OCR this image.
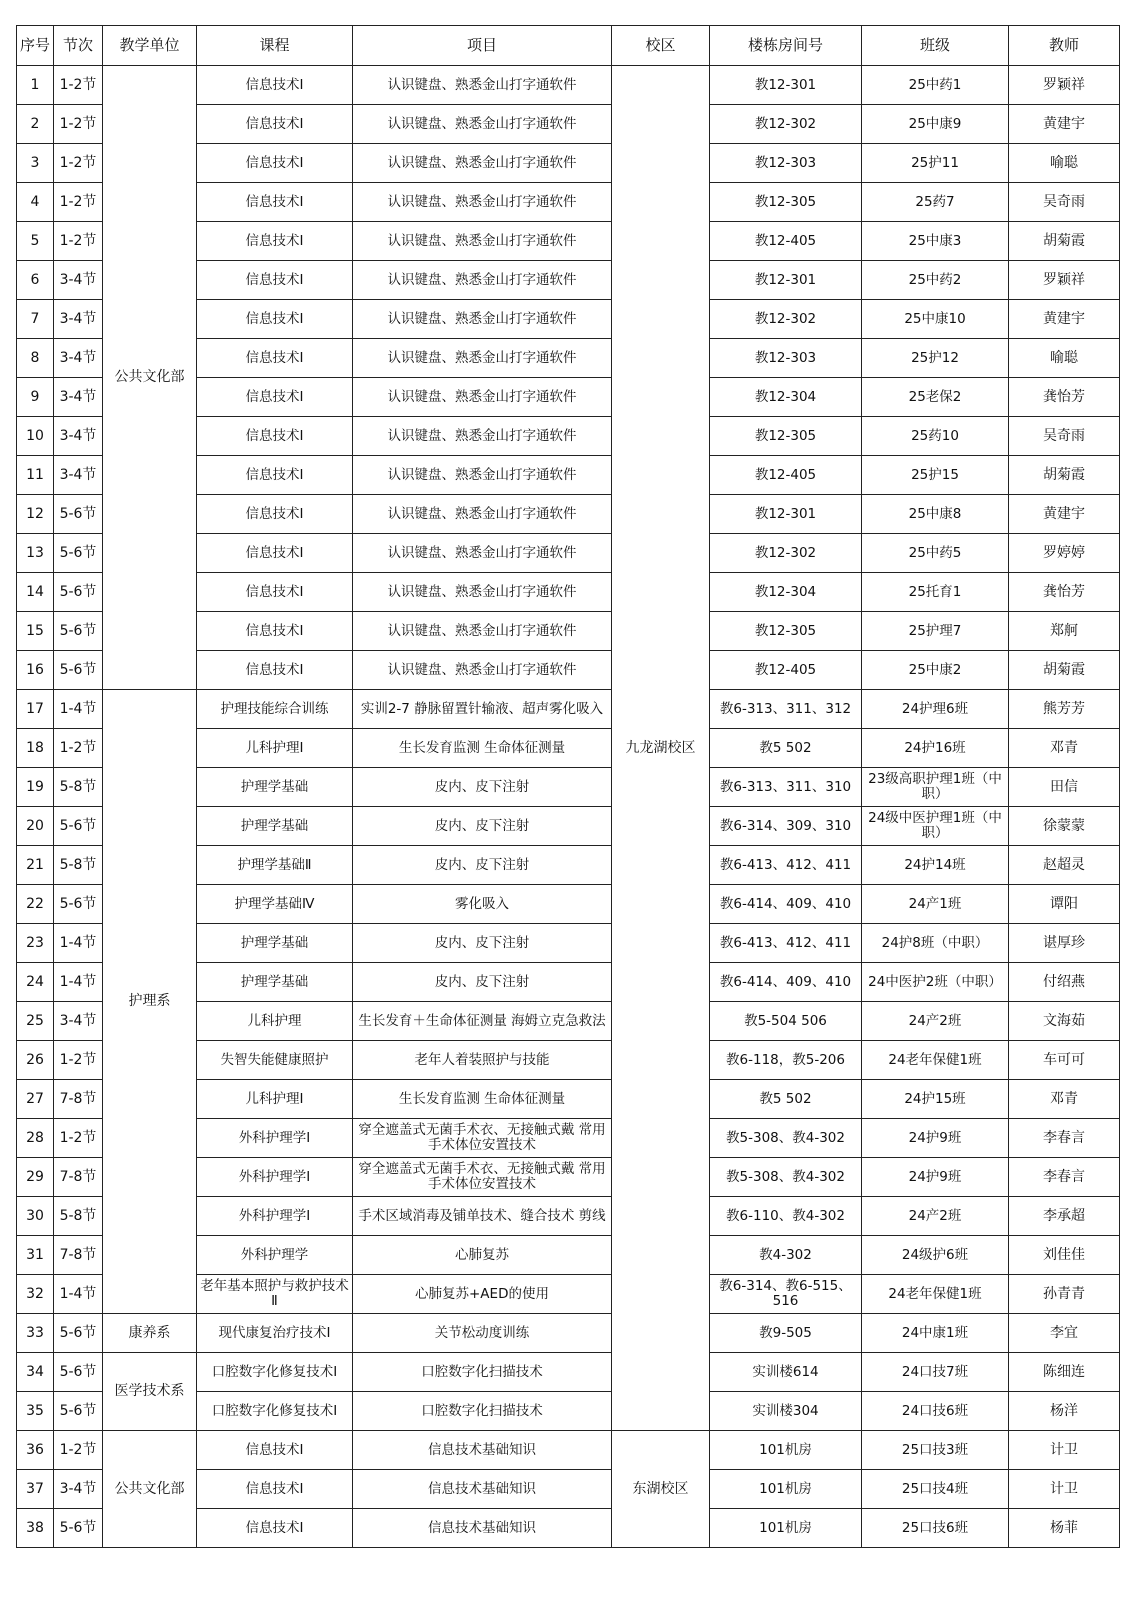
序号	节次	教学单位	课程	项目	校区	楼栋房间号	班级	教师
1	1-2节	公共文化部	信息技术Ⅰ	认识键盘、熟悉金山打字通软件	九龙湖校区	教12-301	25中药1	罗颖祥
2	1-2节		信息技术Ⅰ	认识键盘、熟悉金山打字通软件		教12-302	25中康9	黄建宇
3	1-2节		信息技术Ⅰ	认识键盘、熟悉金山打字通软件		教12-303	25护11	喻聪
4	1-2节		信息技术Ⅰ	认识键盘、熟悉金山打字通软件		教12-305	25药7	吴奇雨
5	1-2节		信息技术Ⅰ	认识键盘、熟悉金山打字通软件		教12-405	25中康3	胡菊霞
6	3-4节		信息技术Ⅰ	认识键盘、熟悉金山打字通软件		教12-301	25中药2	罗颖祥
7	3-4节		信息技术Ⅰ	认识键盘、熟悉金山打字通软件		教12-302	25中康10	黄建宇
8	3-4节		信息技术Ⅰ	认识键盘、熟悉金山打字通软件		教12-303	25护12	喻聪
9	3-4节		信息技术Ⅰ	认识键盘、熟悉金山打字通软件		教12-304	25老保2	龚怡芳
10	3-4节		信息技术Ⅰ	认识键盘、熟悉金山打字通软件		教12-305	25药10	吴奇雨
11	3-4节		信息技术Ⅰ	认识键盘、熟悉金山打字通软件		教12-405	25护15	胡菊霞
12	5-6节		信息技术Ⅰ	认识键盘、熟悉金山打字通软件		教12-301	25中康8	黄建宇
13	5-6节		信息技术Ⅰ	认识键盘、熟悉金山打字通软件		教12-302	25中药5	罗婷婷
14	5-6节		信息技术Ⅰ	认识键盘、熟悉金山打字通软件		教12-304	25托育1	龚怡芳
15	5-6节		信息技术Ⅰ	认识键盘、熟悉金山打字通软件		教12-305	25护理7	郑舸
16	5-6节		信息技术Ⅰ	认识键盘、熟悉金山打字通软件		教12-405	25中康2	胡菊霞
17	1-4节	护理系	护理技能综合训练	实训2-7 静脉留置针输液、超声雾化吸入		教6-313、311、312	24护理6班	熊芳芳
18	1-2节		儿科护理I	生长发育监测 生命体征测量		教5 502	24护16班	邓青
19	5-8节		护理学基础	皮内、皮下注射		教6-313、311、310	23级高职护理1班（中职）	田信
20	5-6节		护理学基础	皮内、皮下注射		教6-314、309、310	24级中医护理1班（中职）	徐蒙蒙
21	5-8节		护理学基础Ⅱ	皮内、皮下注射		教6-413、412、411	24护14班	赵超灵
22	5-6节		护理学基础Ⅳ	雾化吸入		教6-414、409、410	24产1班	谭阳
23	1-4节		护理学基础	皮内、皮下注射		教6-413、412、411	24护8班（中职）	谌厚珍
24	1-4节		护理学基础	皮内、皮下注射		教6-414、409、410	24中医护2班（中职）	付绍燕
25	3-4节		儿科护理	生长发育＋生命体征测量 海姆立克急救法		教5-504 506	24产2班	文海茹
26	1-2节		失智失能健康照护	老年人着装照护与技能		教6-118，教5-206	24老年保健1班	车可可
27	7-8节		儿科护理I	生长发育监测 生命体征测量		教5 502	24护15班	邓青
28	1-2节		外科护理学I	穿全遮盖式无菌手术衣、无接触式戴 常用手术体位安置技术		教5-308、教4-302	24护9班	李春言
29	7-8节		外科护理学I	穿全遮盖式无菌手术衣、无接触式戴 常用手术体位安置技术		教5-308、教4-302	24护9班	李春言
30	5-8节		外科护理学I	手术区域消毒及铺单技术、缝合技术 剪线		教6-110、教4-302	24产2班	李承超
31	7-8节		外科护理学	心肺复苏		教4-302	24级护6班	刘佳佳
32	1-4节		老年基本照护与救护技术Ⅱ	心肺复苏+AED的使用		教6-314、教6-515、516	24老年保健1班	孙青青
33	5-6节	康养系	现代康复治疗技术Ⅰ	关节松动度训练		教9-505	24中康1班	李宜
34	5-6节	医学技术系	口腔数字化修复技术I	口腔数字化扫描技术		实训楼614	24口技7班	陈细连
35	5-6节		口腔数字化修复技术I	口腔数字化扫描技术		实训楼304	24口技6班	杨洋
36	1-2节	公共文化部	信息技术Ⅰ	信息技术基础知识	东湖校区	101机房	25口技3班	计卫
37	3-4节		信息技术Ⅰ	信息技术基础知识		101机房	25口技4班	计卫
38	5-6节		信息技术Ⅰ	信息技术基础知识		101机房	25口技6班	杨菲
